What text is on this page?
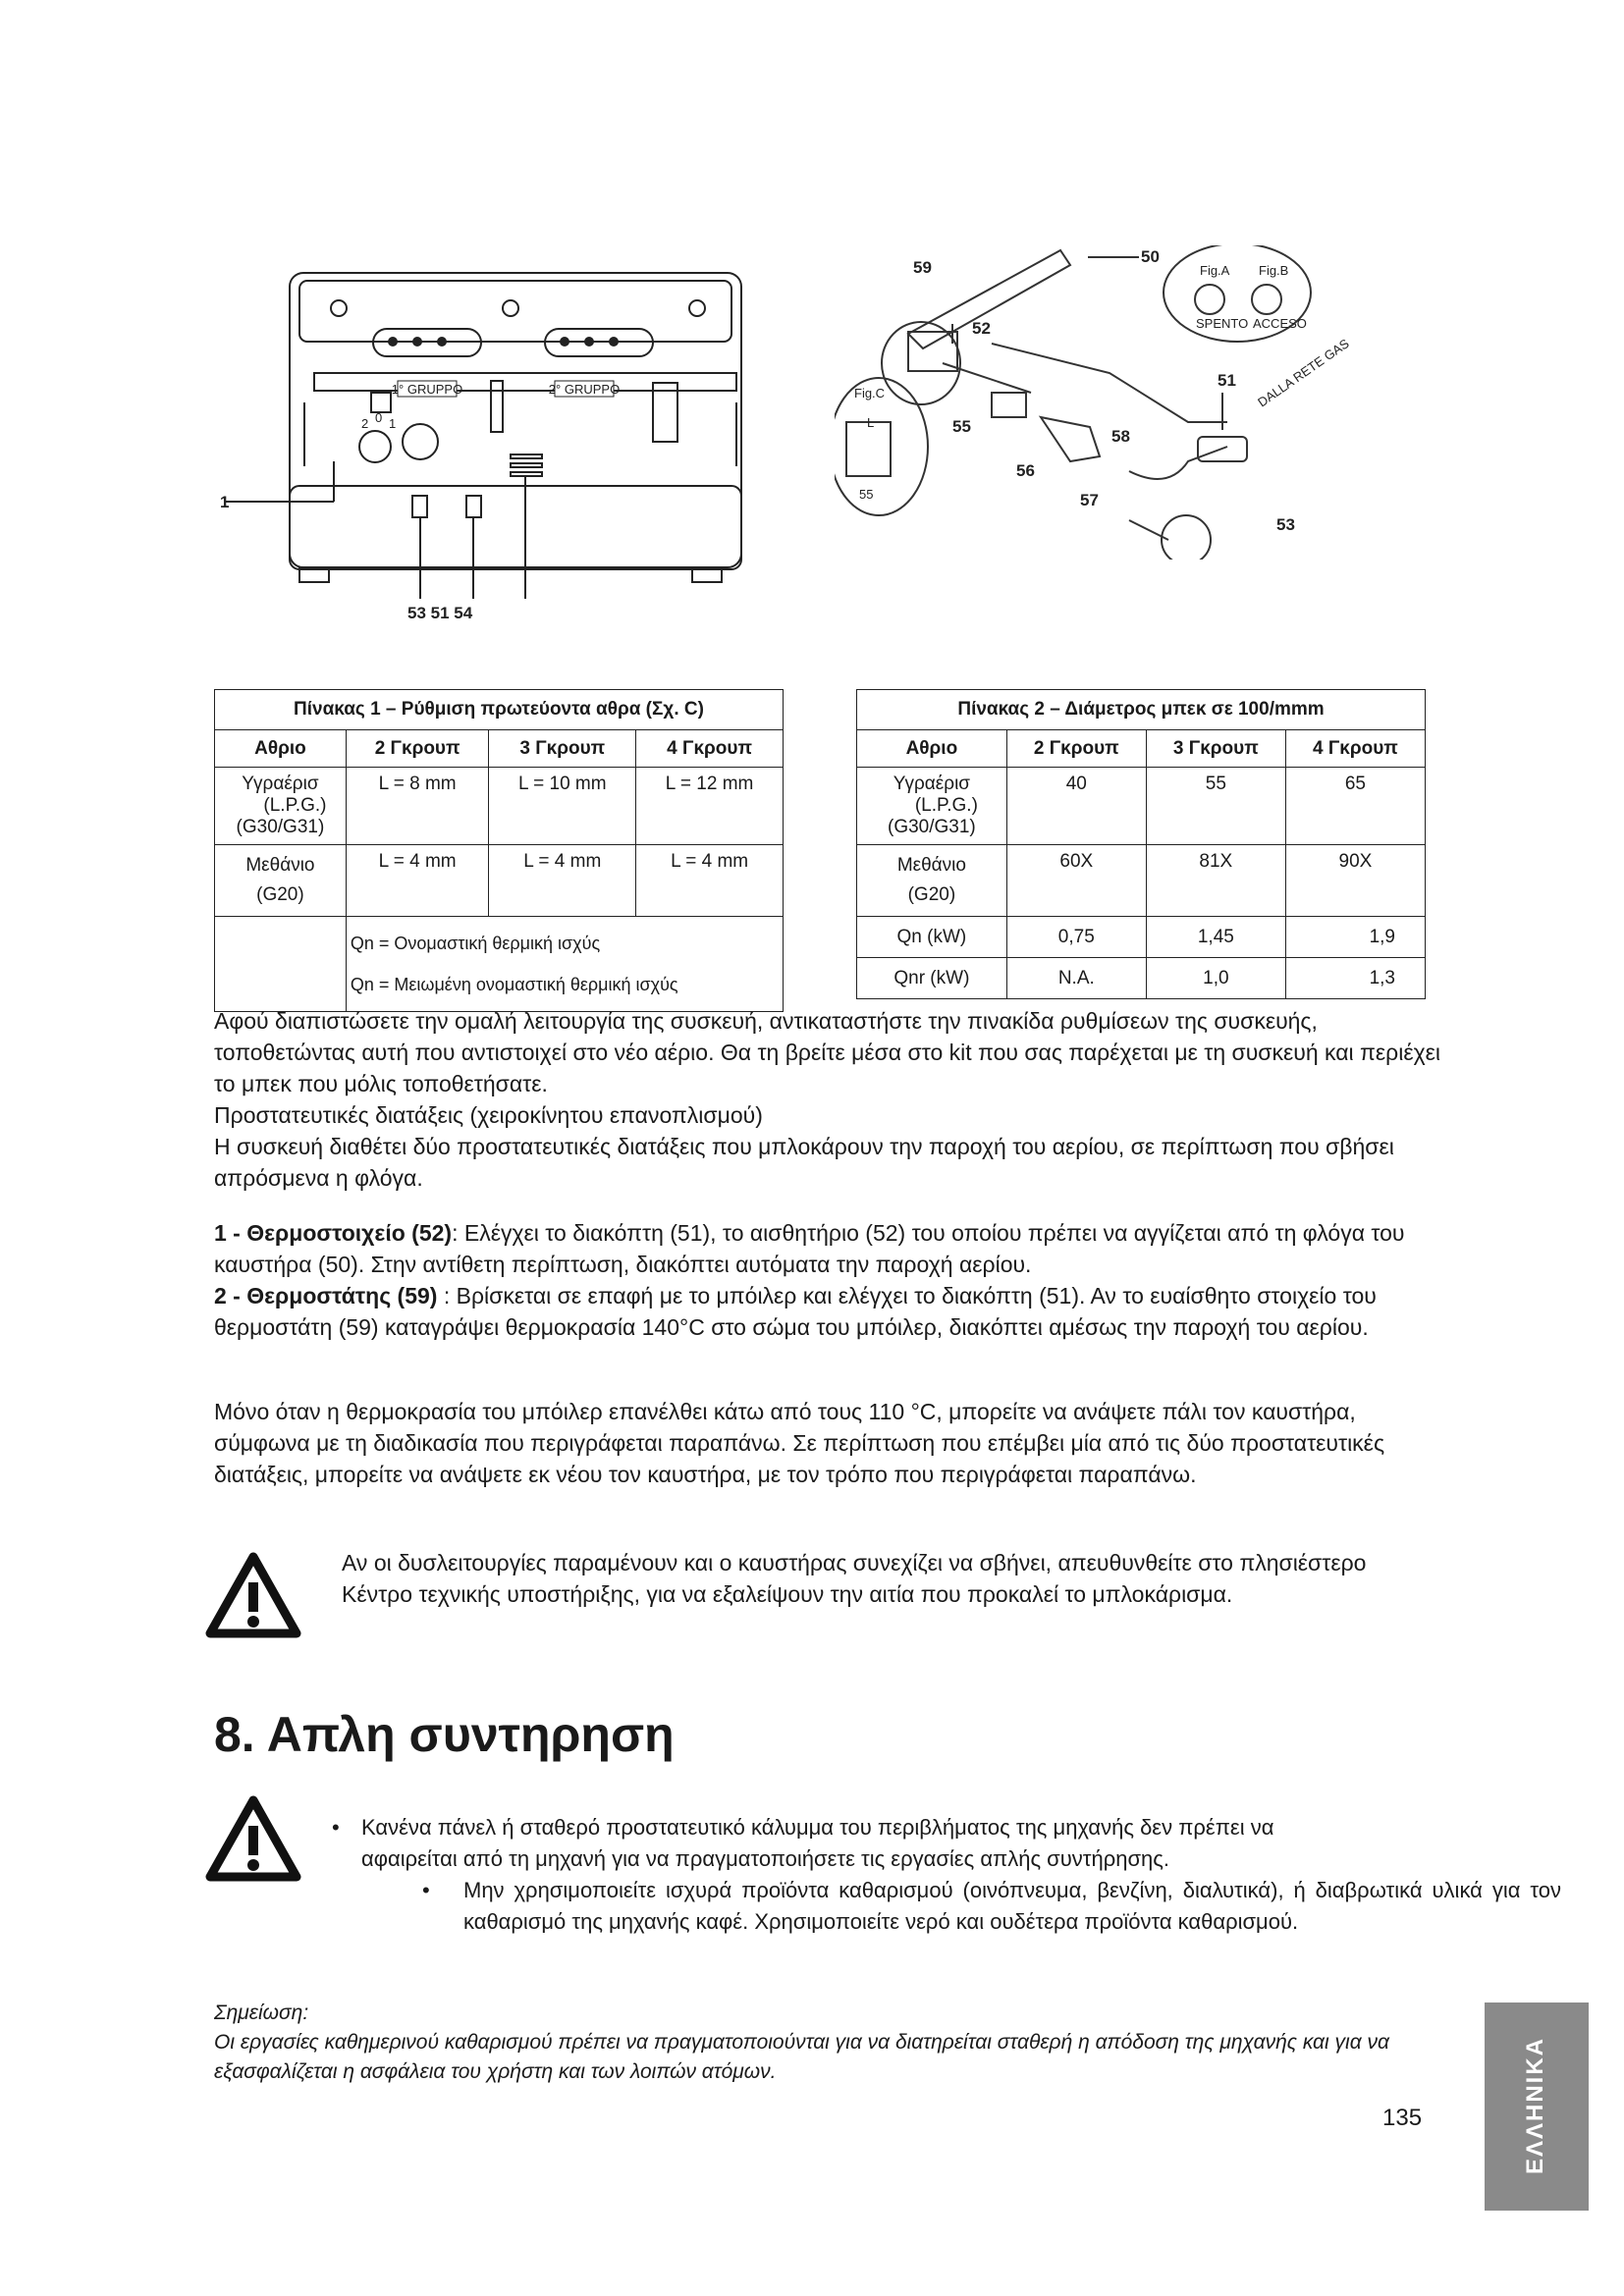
1° GRUPPO	2° GRUPPO
2 0 1
1
53 51 54
50
59
52
51
55
56
57
58
53
55
Fig.C
L
Fig.A Fig.B
SPENTO ACCESO
DALLA RETE GAS
Πίνακας 1 – Ρύθμιση πρωτεύοντα αθρα (Σχ. C)			
Αθριο	2 Γκρουπ	3 Γκρουπ	4 Γκρουπ

Υγραέρισ
(L.P.G.)
(G30/G31)	L = 8 mm	L = 10 mm	L = 12 mm

Μεθάνιο
(G20)	L = 4 mm	L = 4 mm	L = 4 mm

	Qn = Ονομαστική θερμική ισχύς
Qn = Μειωμένη ονομαστική θερμική ισχύς		
Πίνακας 2 – Διάμετρος μπεκ σε 100/mmm			
Αθριο	2 Γκρουπ	3 Γκρουπ	4 Γκρουπ

Υγραέρισ
(L.P.G.)
(G30/G31)	40	55	65

Μεθάνιο
(G20)	60X	81X	90X
Qn (kW)	0,75	1,45	1,9
Qnr (kW)	N.A.	1,0	1,3
Αφού διαπιστώσετε την ομαλή λειτουργία της συσκευή, αντικαταστήστε την πινακίδα ρυθμίσεων της συσκευής, τοποθετώντας αυτή που αντιστοιχεί στο νέο αέριο. Θα τη βρείτε μέσα στο kit που σας παρέχεται με τη συσκευή και περιέχει το μπεκ που μόλις τοποθετήσατε.
Προστατευτικές διατάξεις (χειροκίνητου επανοπλισμού)
Η συσκευή διαθέτει δύο προστατευτικές διατάξεις που μπλοκάρουν την παροχή του αερίου, σε περίπτωση που σβήσει απρόσμενα η φλόγα.
1 - Θερμοστοιχείο (52): Ελέγχει το διακόπτη (51), το αισθητήριο (52) του οποίου πρέπει να αγγίζεται από τη φλόγα του καυστήρα (50). Στην αντίθετη περίπτωση, διακόπτει αυτόματα την παροχή αερίου.
2 - Θερμοστάτης (59) : Βρίσκεται σε επαφή με το μπόιλερ και ελέγχει το διακόπτη (51). Αν το ευαίσθητο στοιχείο του θερμοστάτη (59) καταγράψει θερμοκρασία 140°C στο σώμα του μπόιλερ, διακόπτει αμέσως την παροχή του αερίου.
Μόνο όταν η θερμοκρασία του μπόιλερ επανέλθει κάτω από τους 110 °C, μπορείτε να ανάψετε πάλι τον καυστήρα, σύμφωνα με τη διαδικασία που περιγράφεται παραπάνω. Σε περίπτωση που επέμβει μία από τις δύο προστατευτικές διατάξεις, μπορείτε να ανάψετε εκ νέου τον καυστήρα, με τον τρόπο που περιγράφεται παραπάνω.
Αν οι δυσλειτουργίες παραμένουν και ο καυστήρας συνεχίζει να σβήνει, απευθυνθείτε στο πλησιέστερο Κέντρο τεχνικής υποστήριξης, για να εξαλείψουν την αιτία που προκαλεί το μπλοκάρισμα.
8. Απλη συντηρηση
•	Κανένα πάνελ ή σταθερό προστατευτικό κάλυμμα του περιβλήματος της μηχανής δεν πρέπει να αφαιρείται από τη μηχανή για να πραγματοποιήσετε τις εργασίες απλής συντήρησης.
•	Μην χρησιμοποιείτε ισχυρά προϊόντα καθαρισμού (οινόπνευμα, βενζίνη, διαλυτικά), ή διαβρωτικά υλικά για τον καθαρισμό της μηχανής καφέ. Χρησιμοποιείτε νερό και ουδέτερα προϊόντα καθαρισμού.
Σημείωση:
Οι εργασίες καθημερινού καθαρισμού πρέπει να πραγματοποιούνται για να διατηρείται σταθερή η απόδοση της μηχανής και για να εξασφαλίζεται η ασφάλεια του χρήστη και των λοιπών ατόμων.
135	ΕΛΛΗΝΙΚΑ
